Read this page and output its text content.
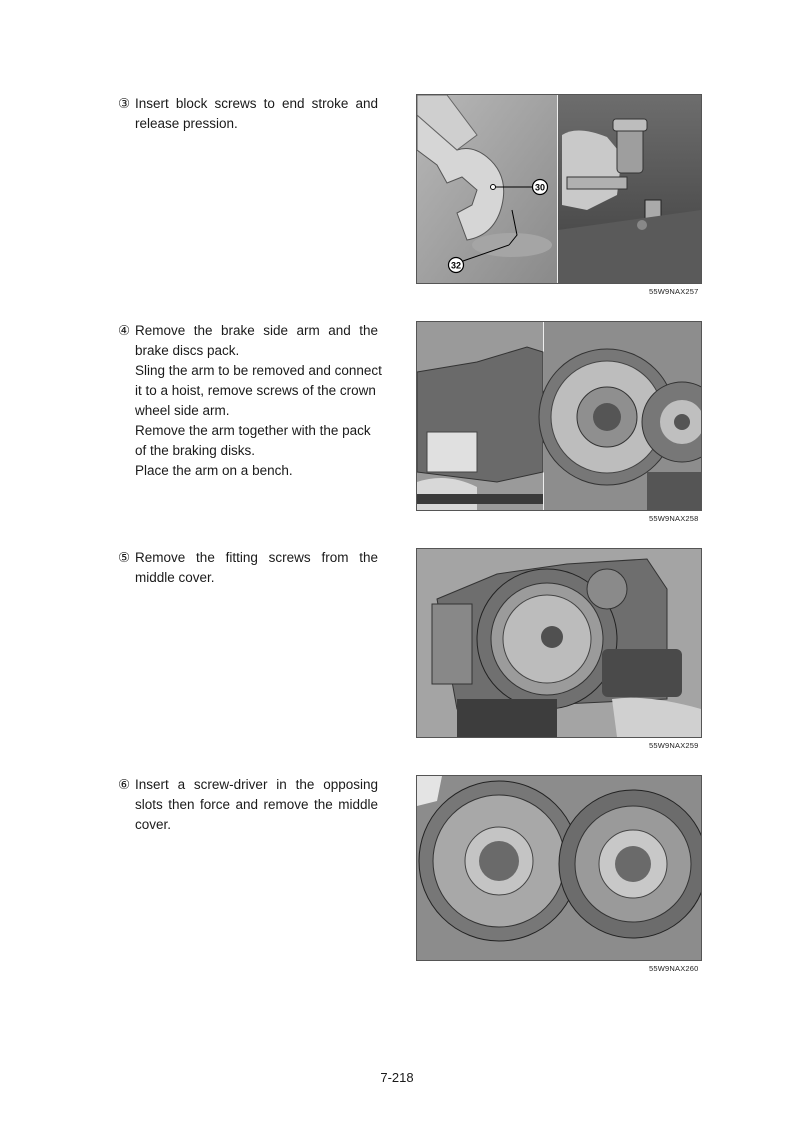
③ Insert block screws to end stroke and
release pression.
30
32
55W9NAX257
④ Remove the brake side arm and the
brake discs pack.
Sling the arm to be removed and connect
it to a hoist, remove screws of the crown
wheel side arm.
Remove the arm together with the pack
of the braking disks.
Place the arm on a bench.
55W9NAX258
⑤ Remove the fitting screws from the
middle cover.
55W9NAX259
⑥ Insert a screw-driver in the opposing
slots then force and remove the middle
cover.
55W9NAX260
7-218
